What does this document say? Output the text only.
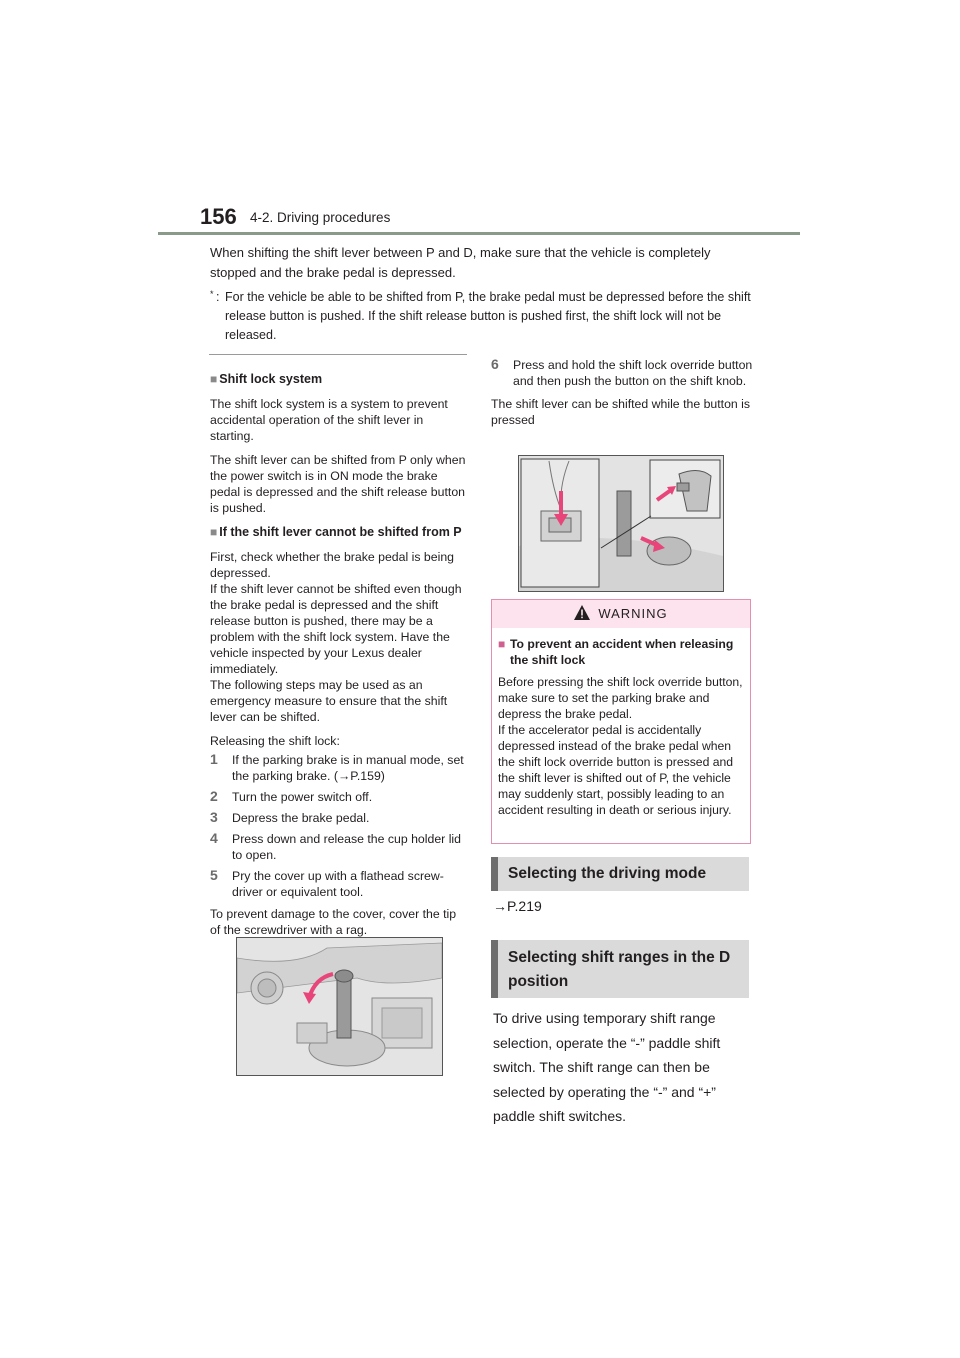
156 4-2. Driving procedures
When shifting the shift lever between P and D, make sure that the vehicle is completely stopped and the brake pedal is depressed.
* : For the vehicle be able to be shifted from P, the brake pedal must be depressed before the shift release button is pushed. If the shift release button is pushed first, the shift lock will not be released.
■ Shift lock system

The shift lock system is a system to prevent accidental operation of the shift lever in starting.

The shift lever can be shifted from P only when the power switch is in ON mode the brake pedal is depressed and the shift release button is pushed.

■ If the shift lever cannot be shifted from P
First, check whether the brake pedal is being depressed.
If the shift lever cannot be shifted even though the brake pedal is depressed and the shift release button is pushed, there may be a problem with the shift lock system. Have the vehicle inspected by your Lexus dealer immediately.

The following steps may be used as an emergency measure to ensure that the shift lever can be shifted.

Releasing the shift lock:
1 If the parking brake is in manual mode, set the parking brake. (→P.159)
2 Turn the power switch off.
3 Depress the brake pedal.
4 Press down and release the cup holder lid to open.
5 Pry the cover up with a flathead screw-driver or equivalent tool.

To prevent damage to the cover, cover the tip of the screwdriver with a rag.

6 Press and hold the shift lock override button and then push the button on the shift knob.

The shift lever can be shifted while the button is pressed

WARNING
■ To prevent an accident when releasing the shift lock
Before pressing the shift lock override button, make sure to set the parking brake and depress the brake pedal.
If the accelerator pedal is accidentally depressed instead of the brake pedal when the shift lock override button is pressed and the shift lever is shifted out of P, the vehicle may suddenly start, possibly leading to an accident resulting in death or serious injury.
Selecting the driving mode
→P.219
Selecting shift ranges in the D position
To drive using temporary shift range selection, operate the “-” paddle shift switch. The shift range can then be selected by operating the “-” and “+” paddle shift switches.
